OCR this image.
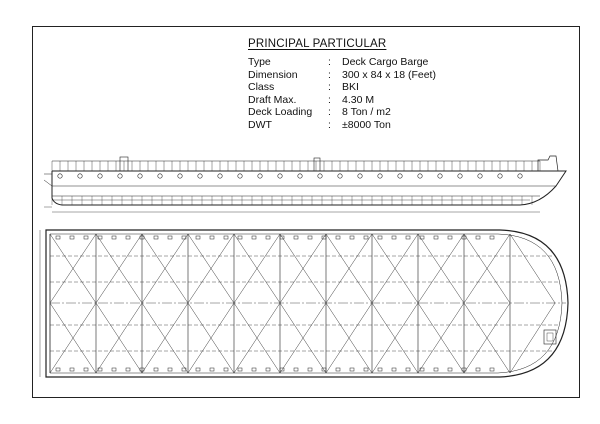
PRINCIPAL PARTICULAR
Type	:	Deck Cargo Barge
Dimension	:	300 x 84 x 18 (Feet)
Class	:	BKI
Draft Max.	:	4.30 M
Deck Loading	:	8 Ton / m2
DWT	:	±8000 Ton
